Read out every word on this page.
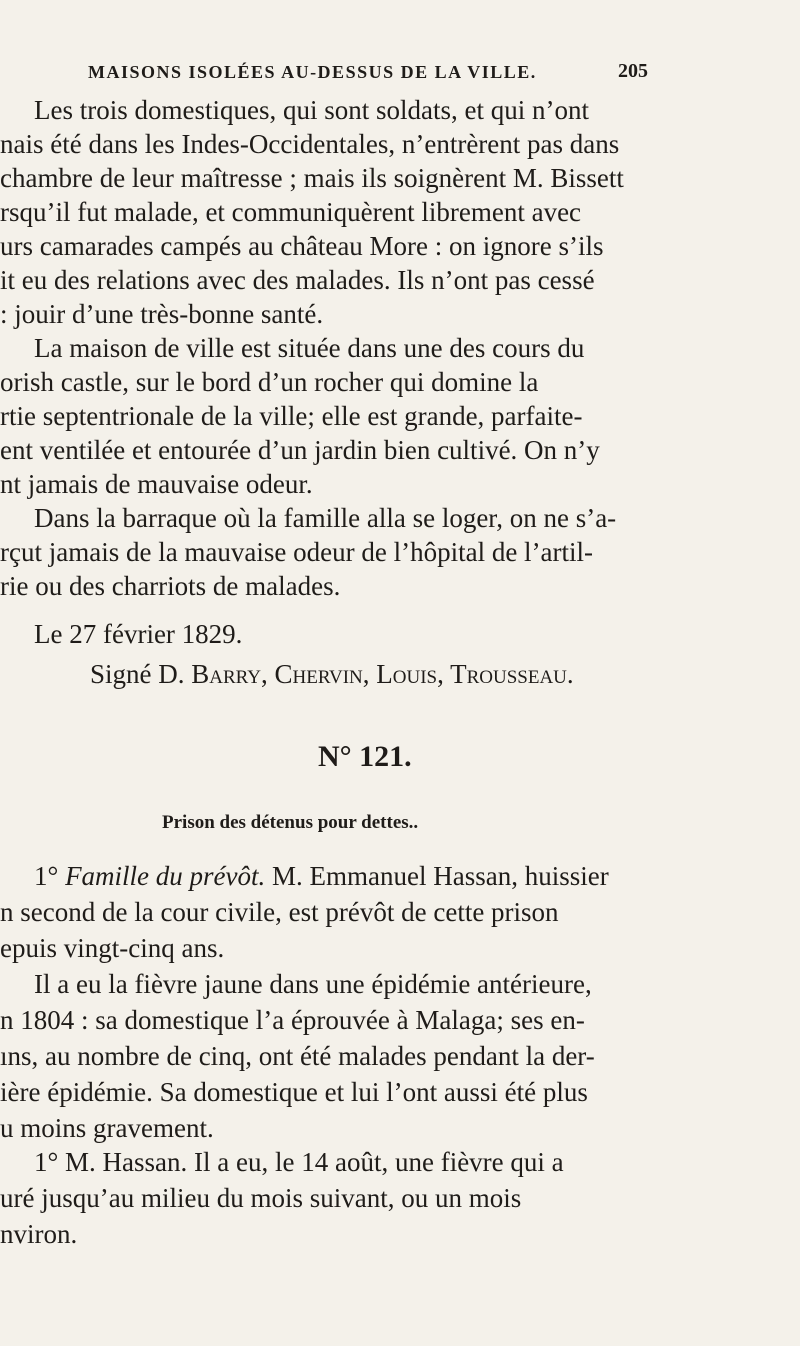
MAISONS ISOLÉES AU-DESSUS DE LA VILLE.	205
Les trois domestiques, qui sont soldats, et qui n’ont
nais été dans les Indes-Occidentales, n’entrèrent pas dans
chambre de leur maîtresse ; mais ils soignèrent M. Bissett
rsqu’il fut malade, et communiquèrent librement avec
urs camarades campés au château More : on ignore s’ils
it eu des relations avec des malades. Ils n’ont pas cessé
: jouir d’une très-bonne santé.
La maison de ville est située dans une des cours du
orish castle, sur le bord d’un rocher qui domine la
rtie septentrionale de la ville; elle est grande, parfaite-
ent ventilée et entourée d’un jardin bien cultivé. On n’y
nt jamais de mauvaise odeur.
Dans la barraque où la famille alla se loger, on ne s’a-
rçut jamais de la mauvaise odeur de l’hôpital de l’artil-
rie ou des charriots de malades.
Le 27 février 1829.
Signé D. Barry, Chervin, Louis, Trousseau.
N° 121.
Prison des détenus pour dettes..
1° Famille du prévôt. M. Emmanuel Hassan, huissier
n second de la cour civile, est prévôt de cette prison
epuis vingt-cinq ans.
Il a eu la fièvre jaune dans une épidémie antérieure,
n 1804 : sa domestique l’a éprouvée à Malaga; ses en-
ıns, au nombre de cinq, ont été malades pendant la der-
ière épidémie. Sa domestique et lui l’ont aussi été plus
u moins gravement.
1° M. Hassan. Il a eu, le 14 août, une fièvre qui a
uré jusqu’au milieu du mois suivant, ou un mois
nviron.
